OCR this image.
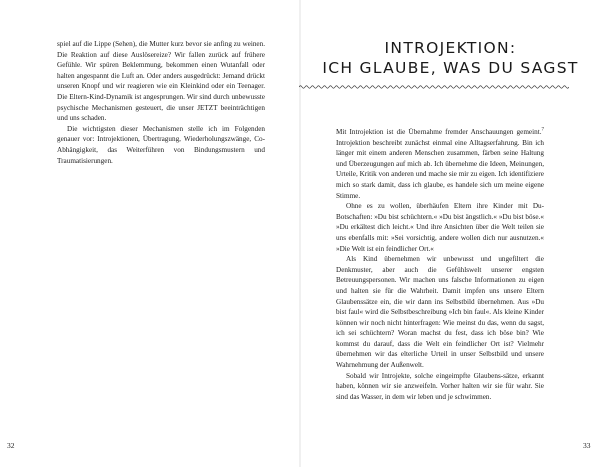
spiel auf die Lippe (Sehen), die Mutter kurz bevor sie anfing zu weinen. Die Reaktion auf diese Auslösereize? Wir fallen zurück auf frühere Gefühle. Wir spüren Beklemmung, bekommen einen Wutanfall oder halten angespannt die Luft an. Oder anders ausgedrückt: Jemand drückt unseren Knopf und wir reagieren wie ein Kleinkind oder ein Teenager. Die Eltern-Kind-Dynamik ist angesprungen. Wir sind durch unbewusste psychische Mechanismen gesteuert, die unser JETZT beeinträchtigen und uns schaden.

Die wichtigsten dieser Mechanismen stelle ich im Folgenden genauer vor: Introjektionen, Übertragung, Wiederholungszwänge, Co-Abhängigkeit, das Weiterführen von Bindungsmustern und Traumatisierungen.

32
INTROJEKTION:
ICH GLAUBE, WAS DU SAGST

Mit Introjektion ist die Übernahme fremder Anschauungen gemeint.$^7$ Introjektion beschreibt zunächst einmal eine Alltagserfahrung. Bin ich länger mit einem anderen Menschen zusammen, färben seine Haltung und Überzeugungen auf mich ab. Ich übernehme die Ideen, Meinungen, Urteile, Kritik von anderen und mache sie mir zu eigen. Ich identifiziere mich so stark damit, dass ich glaube, es handele sich um meine eigene Stimme.

Ohne es zu wollen, überhäufen Eltern ihre Kinder mit Du-Botschaften: »Du bist schüchtern.« »Du bist ängstlich.« »Du bist böse.« »Du erkältest dich leicht.« Und ihre Ansichten über die Welt teilen sie uns ebenfalls mit: »Sei vorsichtig, andere wollen dich nur ausnutzen.« »Die Welt ist ein feindlicher Ort.«

Als Kind übernehmen wir unbewusst und ungefiltert die Denkmuster, aber auch die Gefühlswelt unserer engsten Betreuungspersonen. Wir machen uns falsche Informationen zu eigen und halten sie für die Wahrheit. Damit impfen uns unsere Eltern Glaubenssätze ein, die wir dann ins Selbstbild übernehmen. Aus »Du bist faul« wird die Selbstbeschreibung »Ich bin faul«. Als kleine Kinder können wir noch nicht hinterfragen: Wie meinst du das, wenn du sagst, ich sei schüchtern? Woran machst du fest, dass ich böse bin? Wie kommst du darauf, dass die Welt ein feindlicher Ort ist? Vielmehr übernehmen wir das elterliche Urteil in unser Selbstbild und unsere Wahrnehmung der Außenwelt.

Sobald wir Introjekte, solche eingeimpfte Glaubens-sätze, erkannt haben, können wir sie anzweifeln. Vorher halten wir sie für wahr. Sie sind das Wasser, in dem wir leben und je schwimmen.

33
